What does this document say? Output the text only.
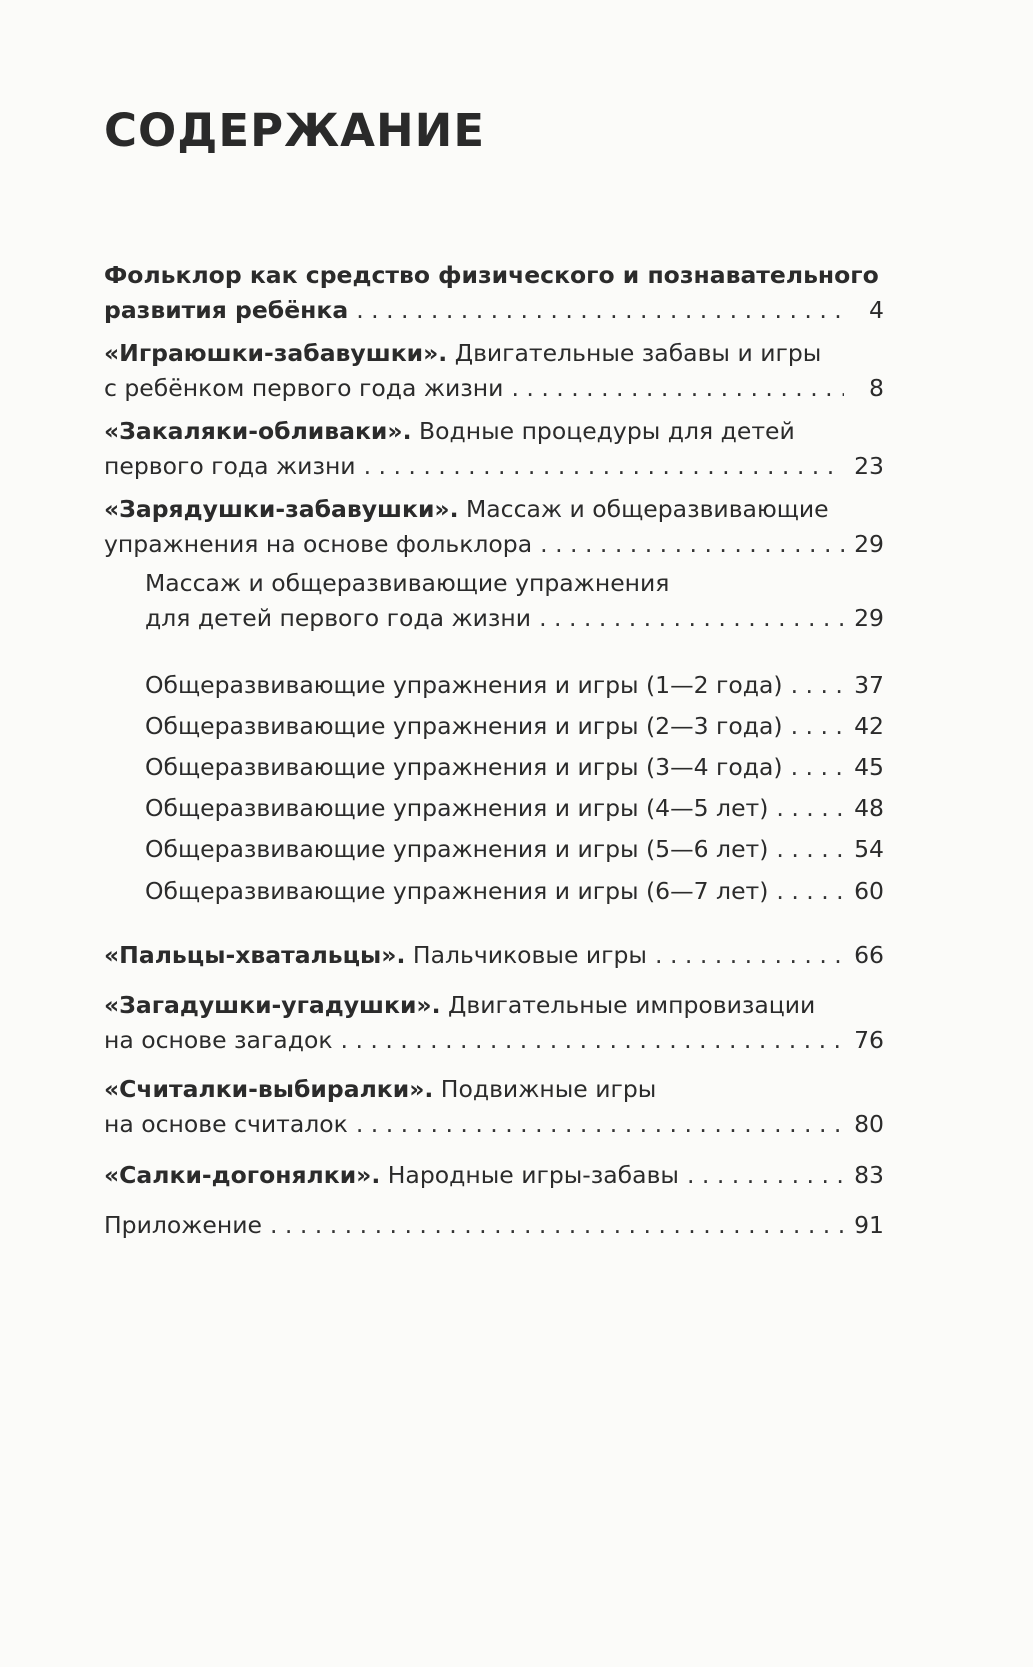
СОДЕРЖАНИЕ
Фольклор как средство физического и познавательного
развития ребёнка . . .	4
«Играюшки-забавушки». Двигательные забавы и игры
с ребёнком первого года жизни . . .	8
«Закаляки-обливаки». Водные процедуры для детей
первого года жизни . . .	23
«Зарядушки-забавушки». Массаж и общеразвивающие
упражнения на основе фольклора . . .	29
Массаж и общеразвивающие упражнения
для детей первого года жизни . . .	29
Общеразвивающие упражнения и игры (1—2 года) . . .	37
Общеразвивающие упражнения и игры (2—3 года) . . .	42
Общеразвивающие упражнения и игры (3—4 года) . . .	45
Общеразвивающие упражнения и игры (4—5 лет) . . .	48
Общеразвивающие упражнения и игры (5—6 лет) . . .	54
Общеразвивающие упражнения и игры (6—7 лет) . . .	60
«Пальцы-хватальцы». Пальчиковые игры . . .	66
«Загадушки-угадушки». Двигательные импровизации
на основе загадок . . .	76
«Считалки-выбиралки». Подвижные игры
на основе считалок . . .	80
«Салки-догонялки». Народные игры-забавы . . .	83
Приложение . . .	91
